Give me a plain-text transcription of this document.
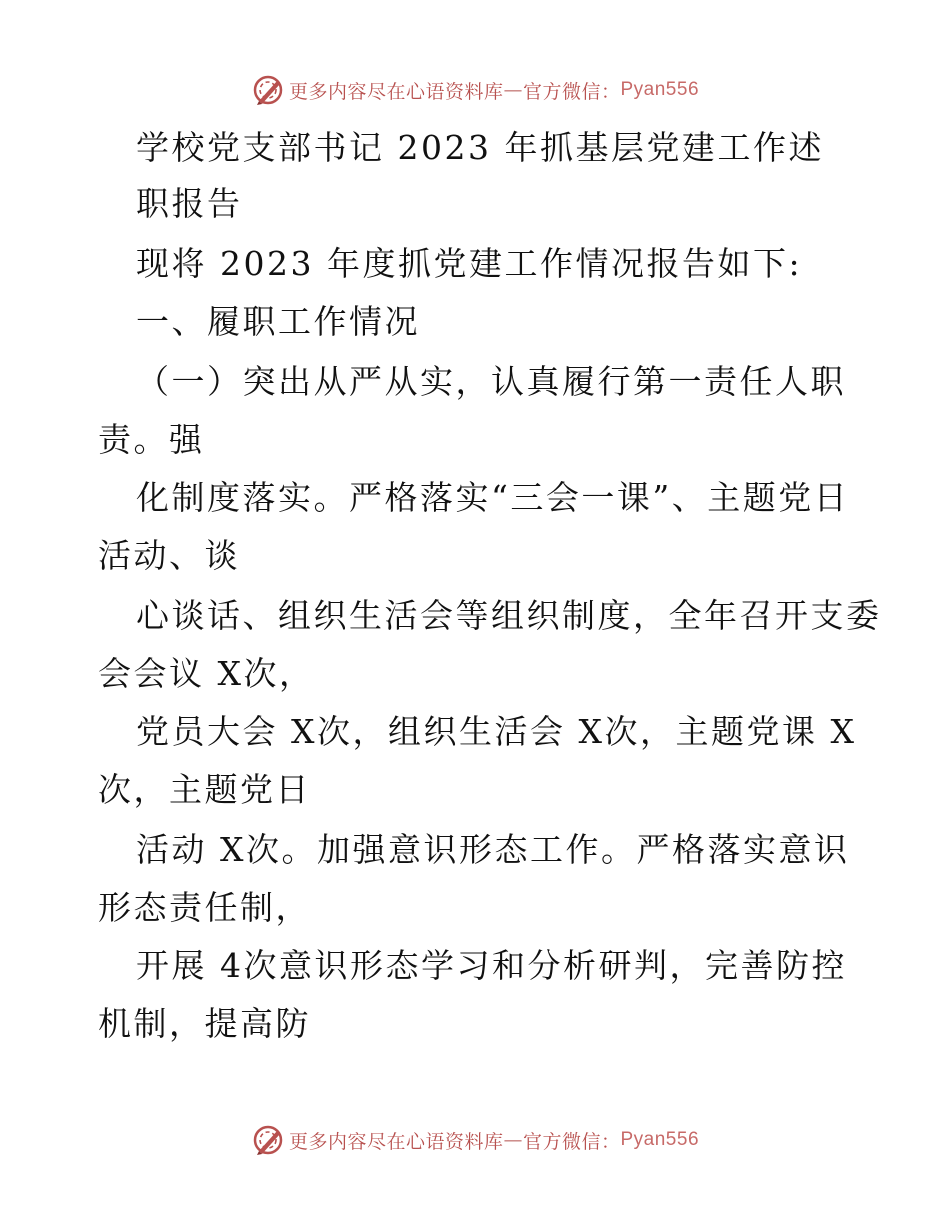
更多内容尽在心语资料库 — 官方微信： Pyan556
学校党支部书记 2023 年抓基层党建工作述
职报告
现将 2023 年度抓党建工作情况报告如下:
一、履职工作情况
（一）突出从严从实，认真履行第一责任人职
责。强
化制度落实。严格落实“三会一课”、主题党日
活动、谈
心谈话、组织生活会等组织制度，全年召开支委
会会议 X次，
党员大会 X次，组织生活会 X次，主题党课 X
次，主题党日
活动 X次。加强意识形态工作。严格落实意识
形态责任制，
开展 4次意识形态学习和分析研判，完善防控
机制，提高防
更多内容尽在心语资料库 — 官方微信： Pyan556
